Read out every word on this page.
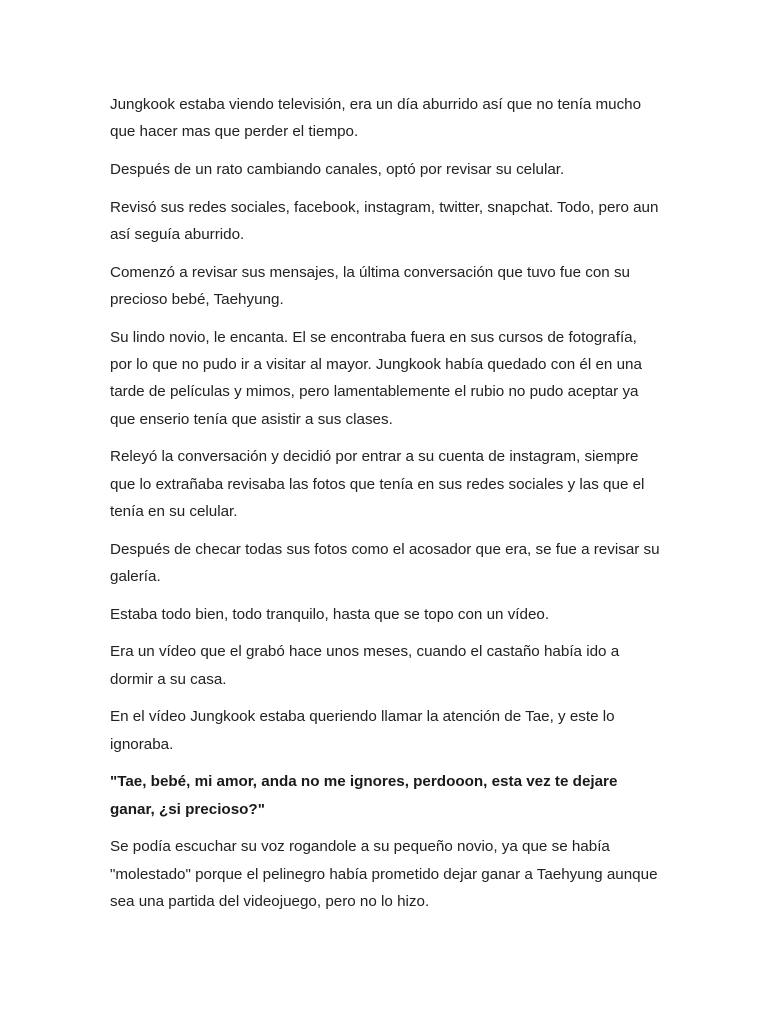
Jungkook estaba viendo televisión, era un día aburrido así que no tenía mucho que hacer mas que perder el tiempo.

Después de un rato cambiando canales, optó por revisar su celular.

Revisó sus redes sociales, facebook, instagram, twitter, snapchat. Todo, pero aun así seguía aburrido.

Comenzó a revisar sus mensajes, la última conversación que tuvo fue con su precioso bebé, Taehyung.

Su lindo novio, le encanta. El se encontraba fuera en sus cursos de fotografía, por lo que no pudo ir a visitar al mayor. Jungkook había quedado con él en una tarde de películas y mimos, pero lamentablemente el rubio no pudo aceptar ya que enserio tenía que asistir a sus clases.

Releyó la conversación y decidió por entrar a su cuenta de instagram, siempre que lo extrañaba revisaba las fotos que tenía en sus redes sociales y las que el tenía en su celular.

Después de checar todas sus fotos como el acosador que era, se fue a revisar su galería.

Estaba todo bien, todo tranquilo, hasta que se topo con un vídeo.

Era un vídeo que el grabó hace unos meses, cuando el castaño había ido a dormir a su casa.

En el vídeo Jungkook estaba queriendo llamar la atención de Tae, y este lo ignoraba.

"Tae, bebé, mi amor, anda no me ignores, perdooon, esta vez te dejare ganar, ¿si precioso?"

Se podía escuchar su voz rogandole a su pequeño novio, ya que se había "molestado" porque el pelinegro había prometido dejar ganar a Taehyung aunque sea una partida del videojuego, pero no lo hizo.
